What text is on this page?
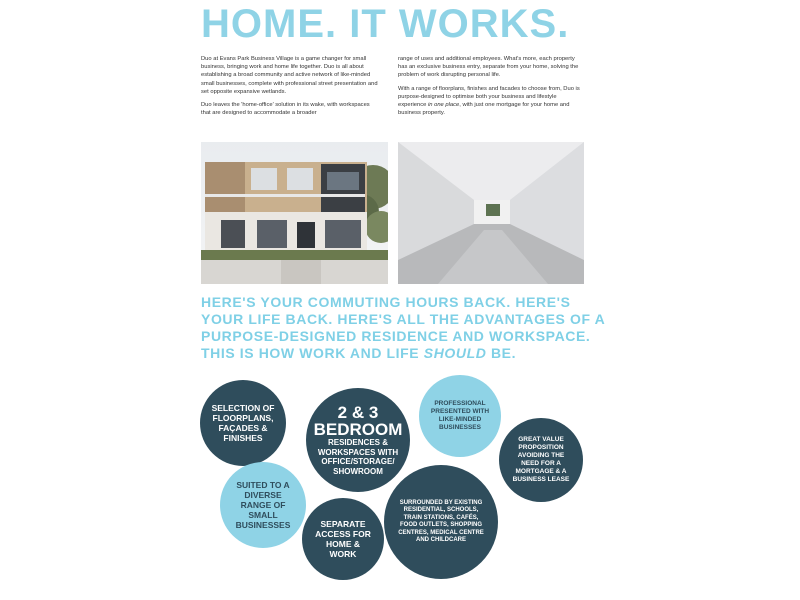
HOME. IT WORKS.

Duo at Evans Park Business Village is a game changer for small business, bringing work and home life together. Duo is all about establishing a broad community and active network of like-minded small businesses, complete with professional street presentation and set opposite expansive wetlands.

Duo leaves the 'home-office' solution in its wake, with workspaces that are designed to accommodate a broader

range of uses and additional employees. What's more, each property has an exclusive business entry, separate from your home, solving the problem of work disrupting personal life.

With a range of floorplans, finishes and facades to choose from, Duo is purpose-designed to optimise both your business and lifestyle experience in one place, with just one mortgage for your home and business property.

HERE'S YOUR COMMUTING HOURS BACK. HERE'S
YOUR LIFE BACK. HERE'S ALL THE ADVANTAGES OF A
PURPOSE-DESIGNED RESIDENCE AND WORKSPACE.
THIS IS HOW WORK AND LIFE SHOULD BE.
SELECTION OF FLOORPLANS, FAÇADES & FINISHES
2 & 3
BEDROOM
RESIDENCES & WORKSPACES WITH OFFICE/STORAGE/ SHOWROOM
PROFESSIONAL PRESENTED WITH LIKE-MINDED BUSINESSES
GREAT VALUE PROPOSITION AVOIDING THE NEED FOR A MORTGAGE & A BUSINESS LEASE
SUITED TO A DIVERSE RANGE OF SMALL BUSINESSES	SEPARATE ACCESS FOR HOME & WORK
SURROUNDED BY EXISTING RESIDENTIAL, SCHOOLS, TRAIN STATIONS, CAFÉS, FOOD OUTLETS, SHOPPING CENTRES, MEDICAL CENTRE AND CHILDCARE
